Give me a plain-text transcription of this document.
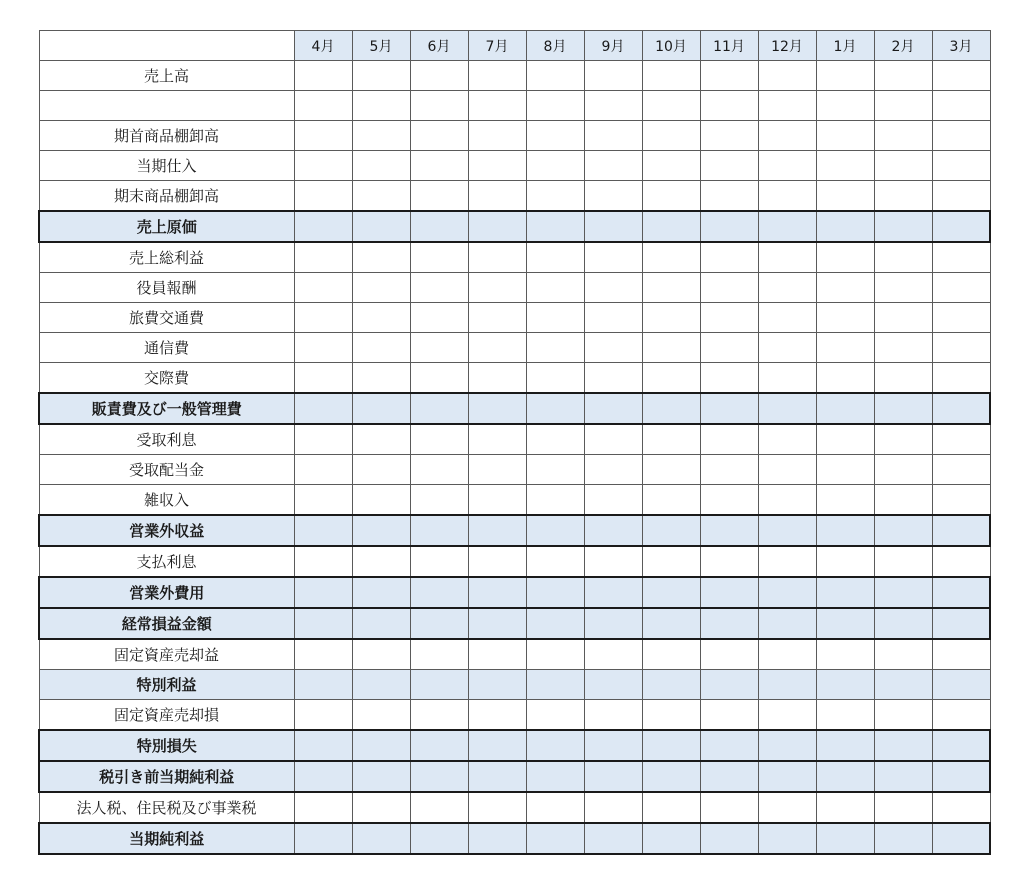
	4月	5月	6月	7月	8月	9月	10月	11月	12月	1月	2月	3月
売上高												

期首商品棚卸高												
当期仕入												
期末商品棚卸高												
売上原価												
売上総利益												
役員報酬												
旅費交通費												
通信費												
交際費												
販責費及び一般管理費												
受取利息												
受取配当金												
雑収入												
営業外収益												
支払利息												
営業外費用												
経常損益金額												
固定資産売却益												
特別利益												
固定資産売却損												
特別損失												
税引き前当期純利益												
法人税、住民税及び事業税												
当期純利益												
